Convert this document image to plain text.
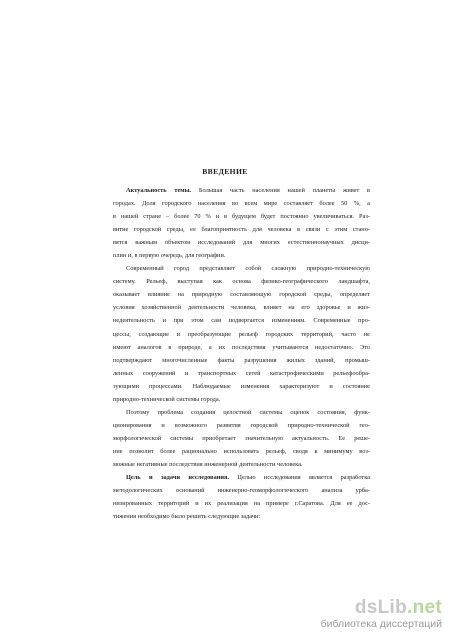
ВВЕДЕНИЕ
Актуальность темы. Большая часть населения нашей планеты живет в
городах. Доля городского населения во всем мире составляет более 50 %, а
в нашей стране – более 70 % и в будущем будет постоянно увеличиваться. Раз-
витие городской среды, ее благоприятность для человека в связи с этим стано-
вятся важным объектом исследований для многих естественнонаучных дисци-
плин и, в первую очередь, для географии.
Современный город представляет собой сложную природно-техническую
систему. Рельеф, выступая как основа физико-географического ландшафта,
оказывает влияние на природную составляющую городской среды, определяет
условия хозяйственной деятельности человека, влияет на его здоровье и жиз-
недеятельность и при этом сам подвергается изменениям. Современные про-
цессы, создающие и преобразующие рельеф городских территорий, часто не
имеют аналогов в природе, а их последствия учитываются недостаточно. Это
подтверждают многочисленные факты разрушения жилых зданий, промыш-
ленных сооружений и транспортных сетей катастрофическими рельефообра-
зующими процессами. Наблюдаемые изменения характеризуют и состояние
природно-технической системы города.
Поэтому проблема создания целостной системы оценок состояния, функ-
ционирования и возможного развития городской природно-технической гео-
морфологической системы приобретает значительную актуальность. Ее реше-
ние позволит более рационально использовать рельеф, сводя к минимуму воз-
можные негативные последствия инженерной деятельности человека.
Цель и задачи исследования. Целью исследования является разработка
методологических оснований инженерно-геоморфологического анализа урба-
низированных территорий и их реализация на примере г.Саратова. Для ее дос-
тижения необходимо было решить следующие задачи:
dsLib.net
библиотека диссертаций
